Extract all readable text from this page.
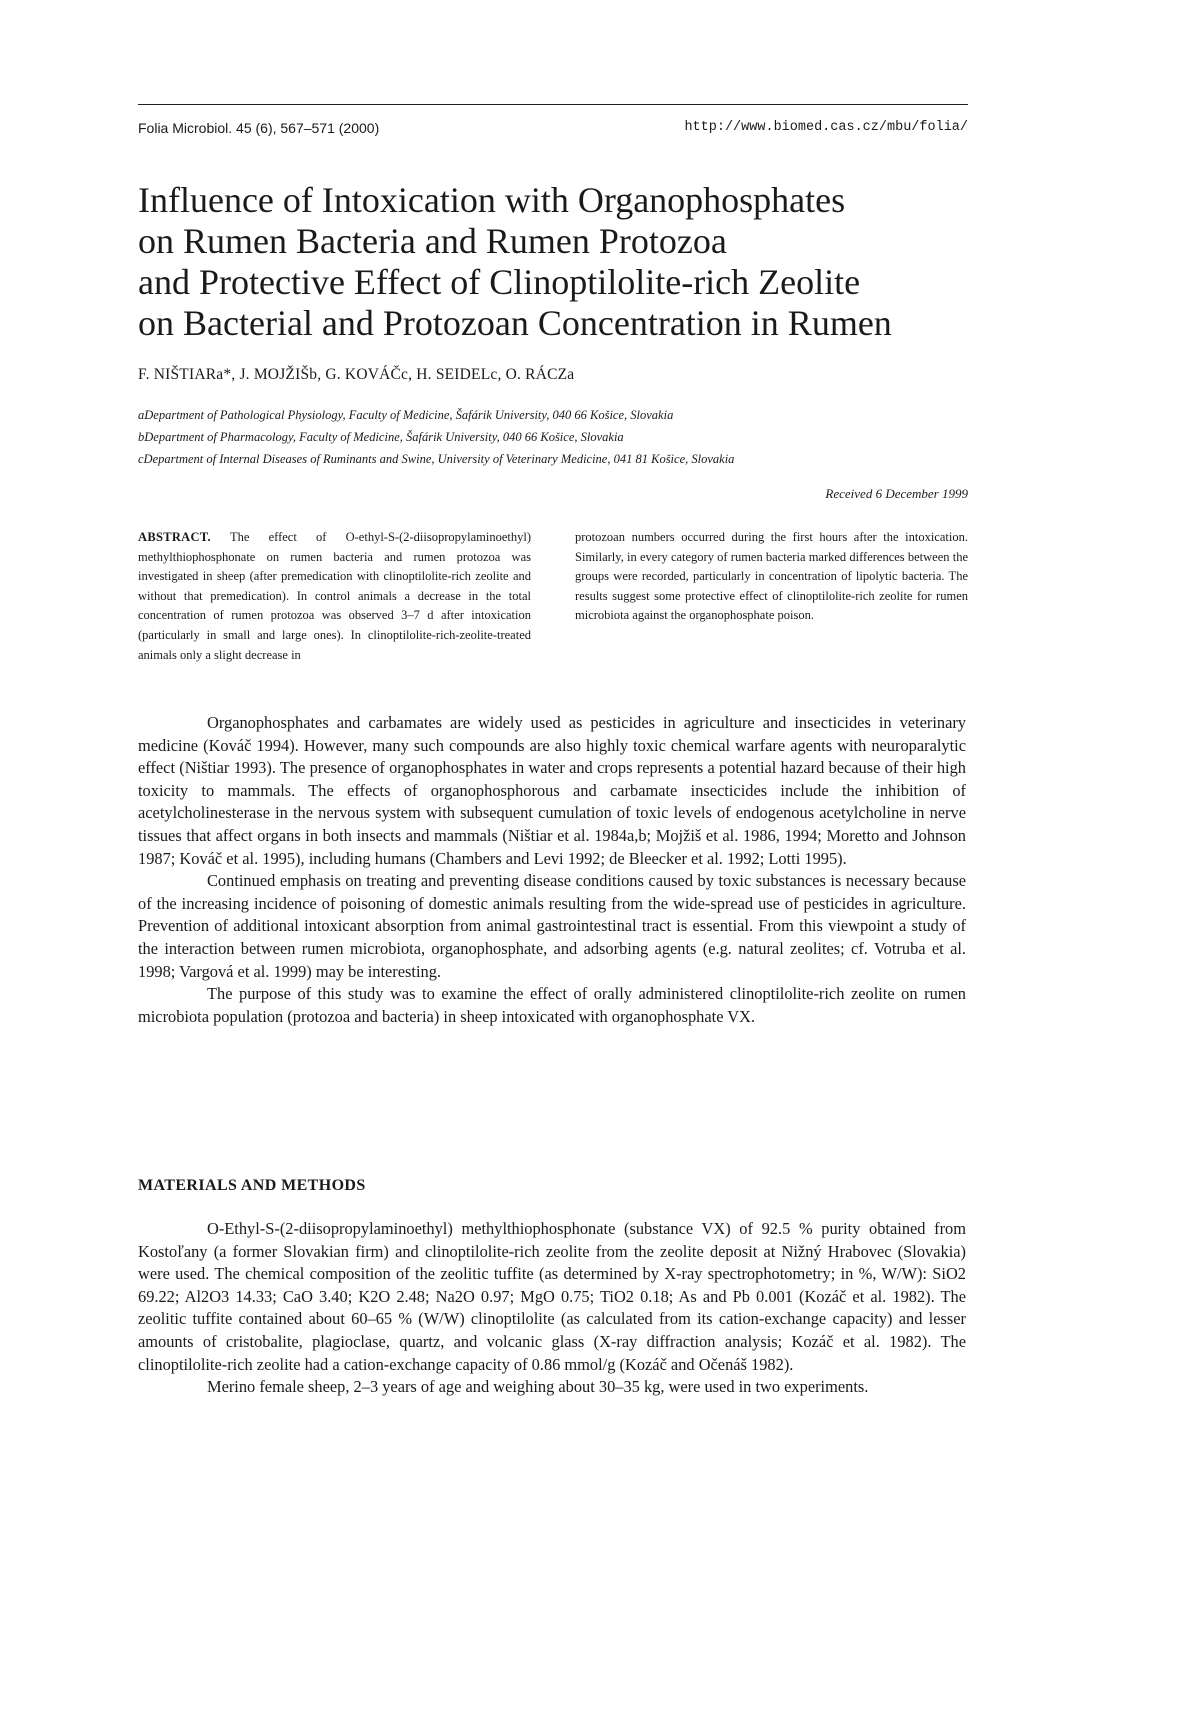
Folia Microbiol. 45 (6), 567–571 (2000)	http://www.biomed.cas.cz/mbu/folia/
Influence of Intoxication with Organophosphates
on Rumen Bacteria and Rumen Protozoa
and Protective Effect of Clinoptilolite-rich Zeolite
on Bacterial and Protozoan Concentration in Rumen
F. NIŠTIARa*, J. MOJŽIŠb, G. KOVÁČc, H. SEIDELc, O. RÁCZa
aDepartment of Pathological Physiology, Faculty of Medicine, Šafárik University, 040 66 Košice, Slovakia
bDepartment of Pharmacology, Faculty of Medicine, Šafárik University, 040 66 Košice, Slovakia
cDepartment of Internal Diseases of Ruminants and Swine, University of Veterinary Medicine, 041 81 Košice, Slovakia
Received 6 December 1999
ABSTRACT. The effect of O-ethyl-S-(2-diisopropylaminoethyl) methylthiophosphonate on rumen bacteria and rumen protozoa was investigated in sheep (after premedication with clinoptilolite-rich zeolite and without that premedication). In control animals a decrease in the total concentration of rumen protozoa was observed 3–7 d after intoxication (particularly in small and large ones). In clinoptilolite-rich-zeolite-treated animals only a slight decrease in
protozoan numbers occurred during the first hours after the intoxication. Similarly, in every category of rumen bacteria marked differences between the groups were recorded, particularly in concentration of lipolytic bacteria. The results suggest some protective effect of clinoptilolite-rich zeolite for rumen microbiota against the organophosphate poison.

Organophosphates and carbamates are widely used as pesticides in agriculture and insecticides in veterinary medicine (Kováč 1994). However, many such compounds are also highly toxic chemical warfare agents with neuroparalytic effect (Ništiar 1993). The presence of organophosphates in water and crops represents a potential hazard because of their high toxicity to mammals. The effects of organophosphorous and carbamate insecticides include the inhibition of acetylcholinesterase in the nervous system with subsequent cumulation of toxic levels of endogenous acetylcholine in nerve tissues that affect organs in both insects and mammals (Ništiar et al. 1984a,b; Mojžiš et al. 1986, 1994; Moretto and Johnson 1987; Kováč et al. 1995), including humans (Chambers and Levi 1992; de Bleecker et al. 1992; Lotti 1995).

Continued emphasis on treating and preventing disease conditions caused by toxic substances is necessary because of the increasing incidence of poisoning of domestic animals resulting from the wide-spread use of pesticides in agriculture. Prevention of additional intoxicant absorption from animal gastrointestinal tract is essential. From this viewpoint a study of the interaction between rumen microbiota, organophosphate, and adsorbing agents (e.g. natural zeolites; cf. Votruba et al. 1998; Vargová et al. 1999) may be interesting.

The purpose of this study was to examine the effect of orally administered clinoptilolite-rich zeolite on rumen microbiota population (protozoa and bacteria) in sheep intoxicated with organophosphate VX.

MATERIALS AND METHODS

O-Ethyl-S-(2-diisopropylaminoethyl) methylthiophosphonate (substance VX) of 92.5 % purity obtained from Kostoľany (a former Slovakian firm) and clinoptilolite-rich zeolite from the zeolite deposit at Nižný Hrabovec (Slovakia) were used. The chemical composition of the zeolitic tuffite (as determined by X-ray spectrophotometry; in %, W/W): SiO2 69.22; Al2O3 14.33; CaO 3.40; K2O 2.48; Na2O 0.97; MgO 0.75; TiO2 0.18; As and Pb 0.001 (Kozáč et al. 1982). The zeolitic tuffite contained about 60–65 % (W/W) clinoptilolite (as calculated from its cation-exchange capacity) and lesser amounts of cristobalite, plagioclase, quartz, and volcanic glass (X-ray diffraction analysis; Kozáč et al. 1982). The clinoptilolite-rich zeolite had a cation-exchange capacity of 0.86 mmol/g (Kozáč and Očenáš 1982).

Merino female sheep, 2–3 years of age and weighing about 30–35 kg, were used in two experiments.
